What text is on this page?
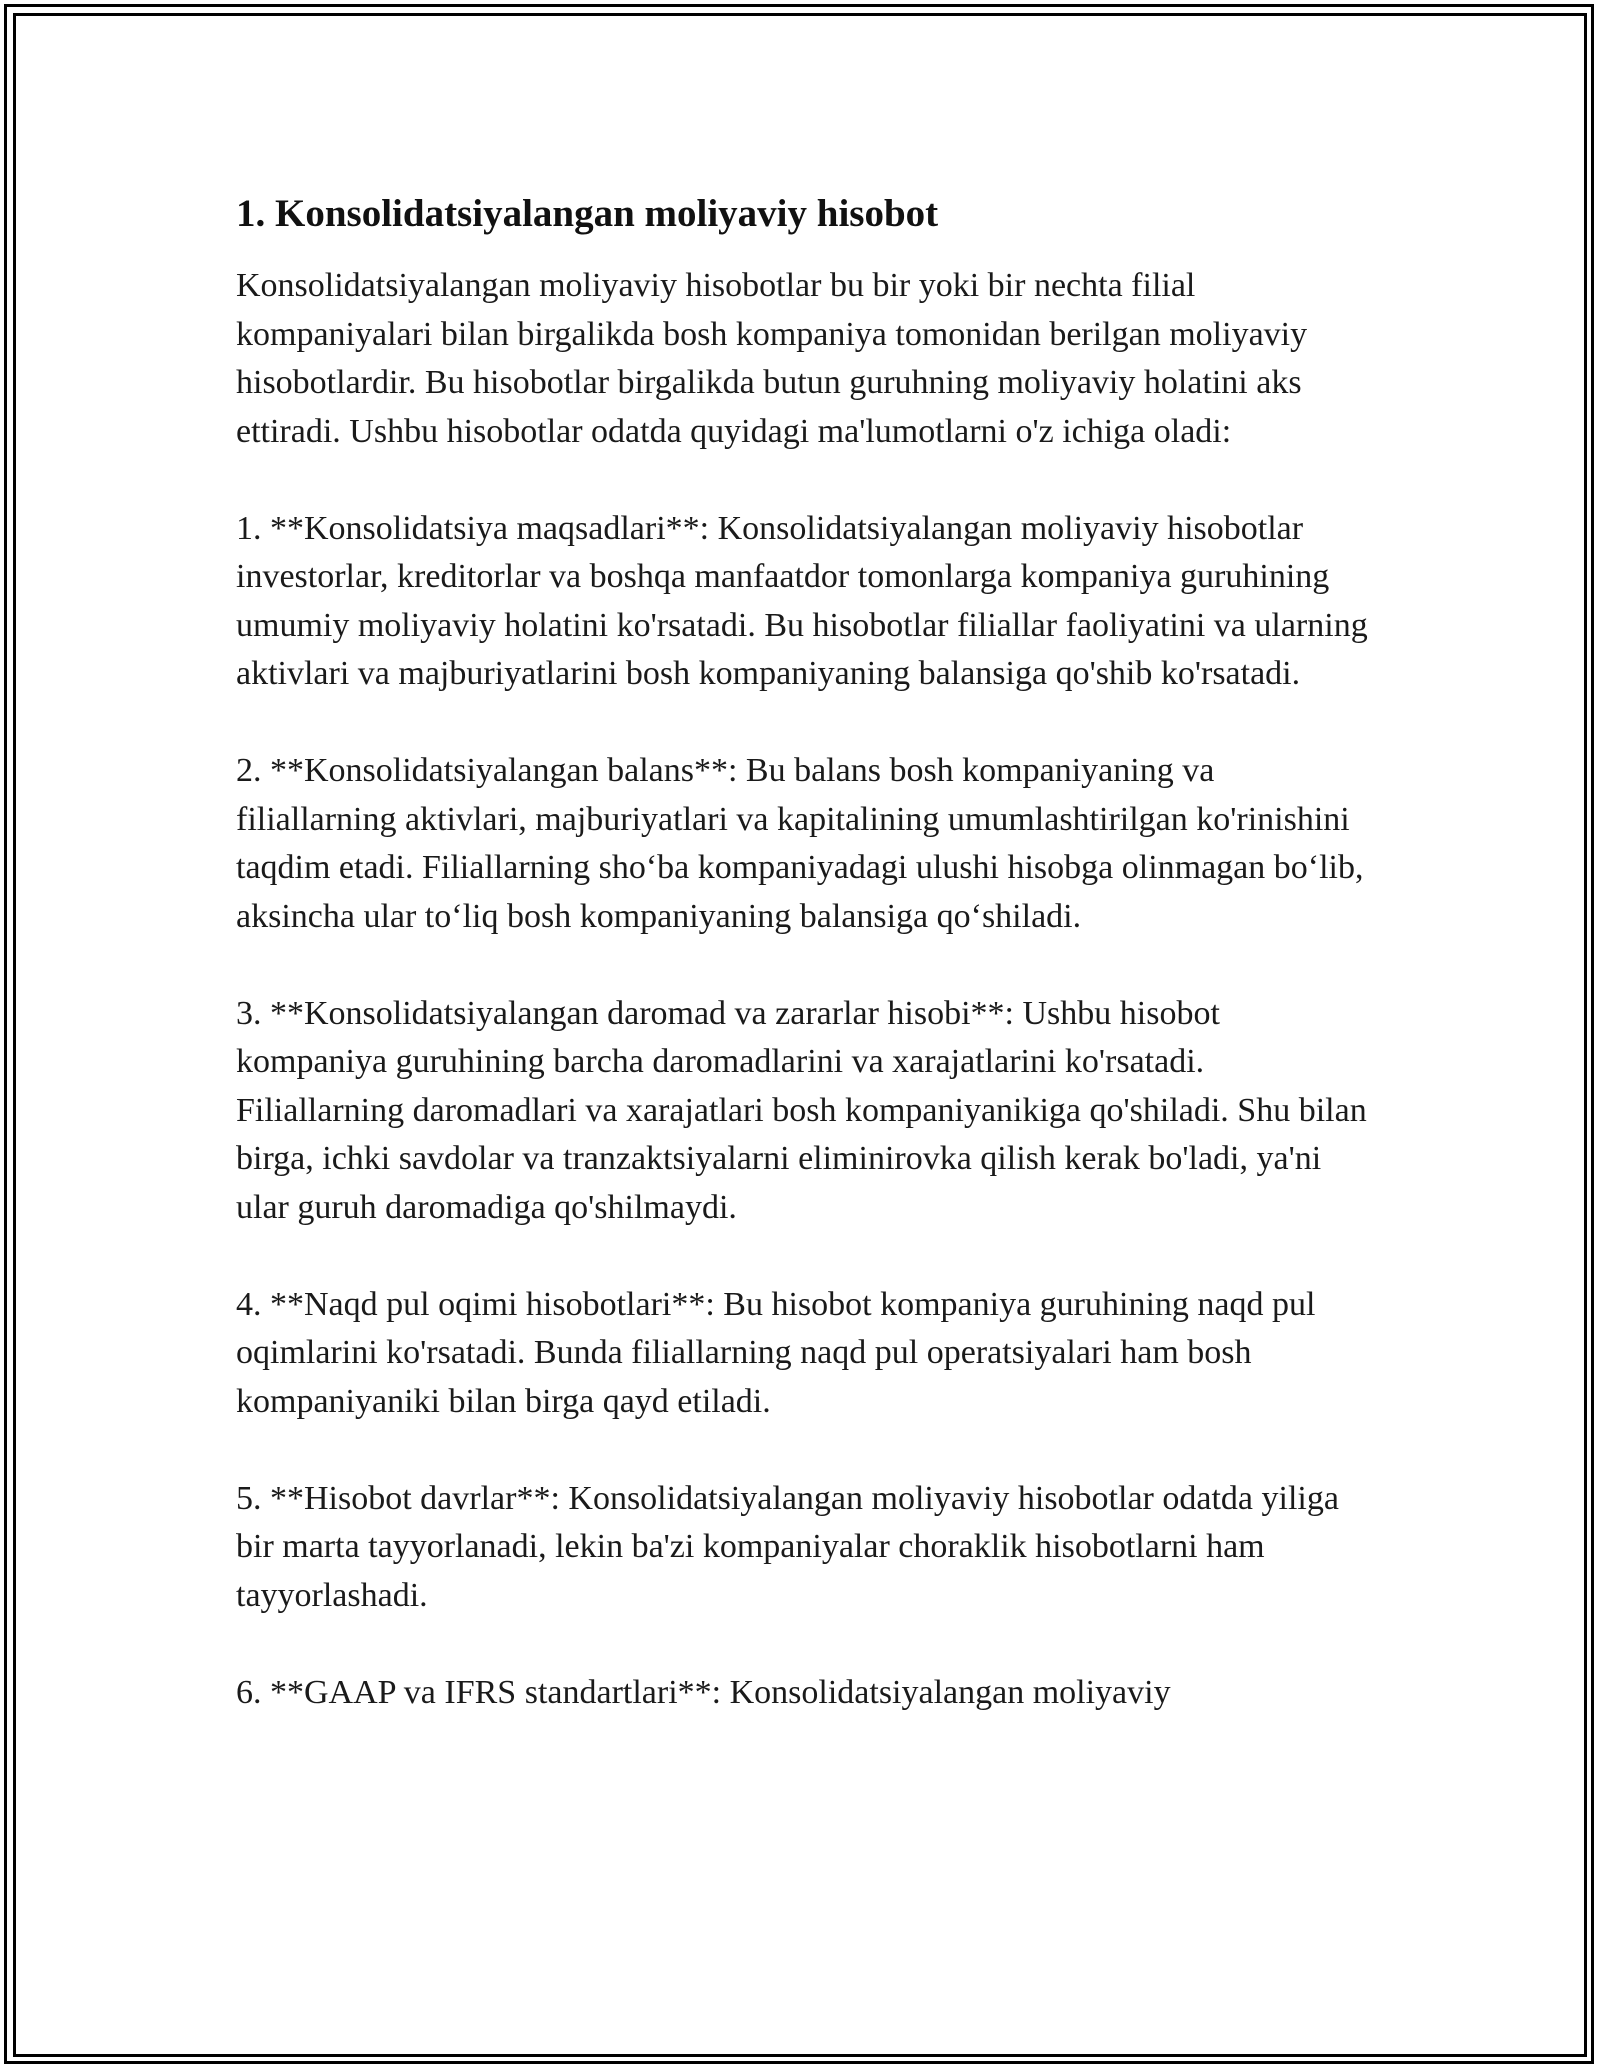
1. Konsolidatsiyalangan moliyaviy hisobot

Konsolidatsiyalangan moliyaviy hisobotlar bu bir yoki bir nechta filial kompaniyalari bilan birgalikda bosh kompaniya tomonidan berilgan moliyaviy hisobotlardir. Bu hisobotlar birgalikda butun guruhning moliyaviy holatini aks ettiradi. Ushbu hisobotlar odatda quyidagi ma'lumotlarni o'z ichiga oladi:

1. **Konsolidatsiya maqsadlari**: Konsolidatsiyalangan moliyaviy hisobotlar investorlar, kreditorlar va boshqa manfaatdor tomonlarga kompaniya guruhining umumiy moliyaviy holatini ko'rsatadi. Bu hisobotlar filiallar faoliyatini va ularning aktivlari va majburiyatlarini bosh kompaniyaning balansiga qo'shib ko'rsatadi.

2. **Konsolidatsiyalangan balans**: Bu balans bosh kompaniyaning va filiallarning aktivlari, majburiyatlari va kapitalining umumlashtirilgan ko'rinishini taqdim etadi. Filiallarning sho‘ba kompaniyadagi ulushi hisobga olinmagan bo‘lib, aksincha ular to‘liq bosh kompaniyaning balansiga qo‘shiladi.

3. **Konsolidatsiyalangan daromad va zararlar hisobi**: Ushbu hisobot kompaniya guruhining barcha daromadlarini va xarajatlarini ko'rsatadi. Filiallarning daromadlari va xarajatlari bosh kompaniyanikiga qo'shiladi. Shu bilan birga, ichki savdolar va tranzaktsiyalarni eliminirovka qilish kerak bo'ladi, ya'ni ular guruh daromadiga qo'shilmaydi.

4. **Naqd pul oqimi hisobotlari**: Bu hisobot kompaniya guruhining naqd pul oqimlarini ko'rsatadi. Bunda filiallarning naqd pul operatsiyalari ham bosh kompaniyaniki bilan birga qayd etiladi.

5. **Hisobot davrlar**: Konsolidatsiyalangan moliyaviy hisobotlar odatda yiliga bir marta tayyorlanadi, lekin ba'zi kompaniyalar choraklik hisobotlarni ham tayyorlashadi.

6. **GAAP va IFRS standartlari**: Konsolidatsiyalangan moliyaviy
